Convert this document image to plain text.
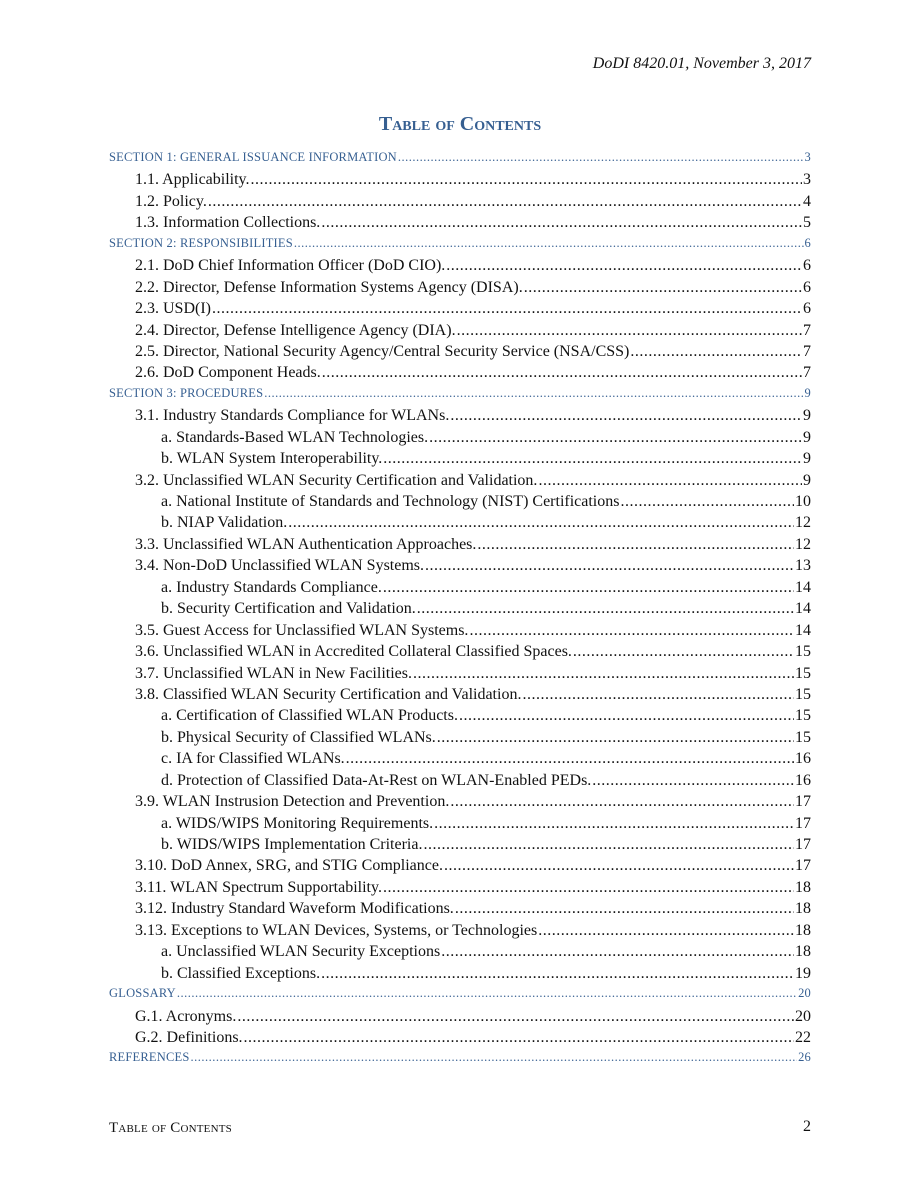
DoDI 8420.01, November 3, 2017
Table of Contents
SECTION 1: GENERAL ISSUANCE INFORMATION .....	3
1.1. Applicability. .....	3
1.2. Policy. .....	4
1.3. Information Collections. .....	5
SECTION 2: RESPONSIBILITIES .....	6
2.1. DoD Chief Information Officer (DoD CIO). .....	6
2.2. Director, Defense Information Systems Agency (DISA). .....	6
2.3. USD(I) .....	6
2.4. Director, Defense Intelligence Agency (DIA). .....	7
2.5. Director, National Security Agency/Central Security Service (NSA/CSS) .....	7
2.6. DoD Component Heads. .....	7
SECTION 3: PROCEDURES .....	9
3.1. Industry Standards Compliance for WLANs. .....	9
a. Standards-Based WLAN Technologies. .....	9
b. WLAN System Interoperability. .....	9
3.2. Unclassified WLAN Security Certification and Validation. .....	9
a. National Institute of Standards and Technology (NIST) Certifications .....	10
b. NIAP Validation. .....	12
3.3. Unclassified WLAN Authentication Approaches. .....	12
3.4. Non-DoD Unclassified WLAN Systems. .....	13
a. Industry Standards Compliance. .....	14
b. Security Certification and Validation. .....	14
3.5. Guest Access for Unclassified WLAN Systems. .....	14
3.6. Unclassified WLAN in Accredited Collateral Classified Spaces. .....	15
3.7. Unclassified WLAN in New Facilities. .....	15
3.8. Classified WLAN Security Certification and Validation. .....	15
a. Certification of Classified WLAN Products. .....	15
b. Physical Security of Classified WLANs. .....	15
c. IA for Classified WLANs. .....	16
d. Protection of Classified Data-At-Rest on WLAN-Enabled PEDs. .....	16
3.9. WLAN Instrusion Detection and Prevention. .....	17
a. WIDS/WIPS Monitoring Requirements. .....	17
b. WIDS/WIPS Implementation Criteria. .....	17
3.10. DoD Annex, SRG, and STIG Compliance. .....	17
3.11. WLAN Spectrum Supportability. .....	18
3.12. Industry Standard Waveform Modifications. .....	18
3.13. Exceptions to WLAN Devices, Systems, or Technologies .....	18
a. Unclassified WLAN Security Exceptions .....	18
b. Classified Exceptions. .....	19
GLOSSARY .....	20
G.1. Acronyms. .....	20
G.2. Definitions. .....	22
REFERENCES .....	26
Table of Contents	2
